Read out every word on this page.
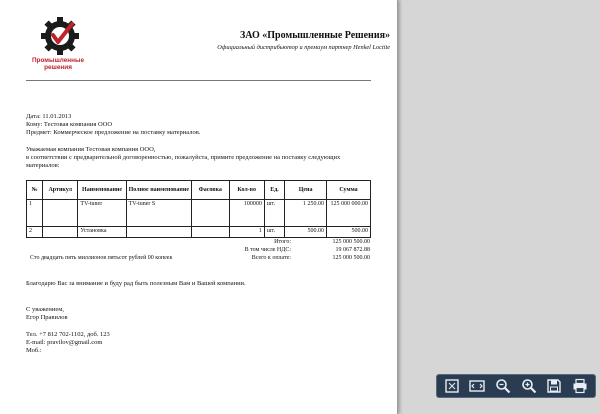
Промышленные решения
ЗАО «Промышленные Решения»
Официальный дистрибьютор и премиум партнер Henkel Loctite
Дата: 11.01.2013
Кому: Тестовая компания ООО
Предмет: Коммерческое предложение на поставку материалов.
Уважаемая компания Тестовая компания ООО,
в соответствии с предварительной договоренностью, пожалуйста, примите предложение на поставку следующих материалов:
№	Артикул	Наименование	Полное наименование	Фасовка	Кол-во	Ед.	Цена	Сумма
1		TV-tuner	TV-tuner S		100000	шт.	1 250.00	125 000 000.00
2		Установка			1	шт.	500.00	500.00
Итого:	125 000 500.00
В том числе НДС:	19 067 872.88
Всего к оплате:	125 000 500.00
Сто двадцать пять миллионов пятьсот рублей 00 копеек
Благодарю Вас за внимание и буду рад быть полезным Вам и Вашей компании.
С уважением,
Егор Правилов
Тел. +7 812 702-1102, доб. 123
E-mail: pravilov@gmail.com
Моб.:
